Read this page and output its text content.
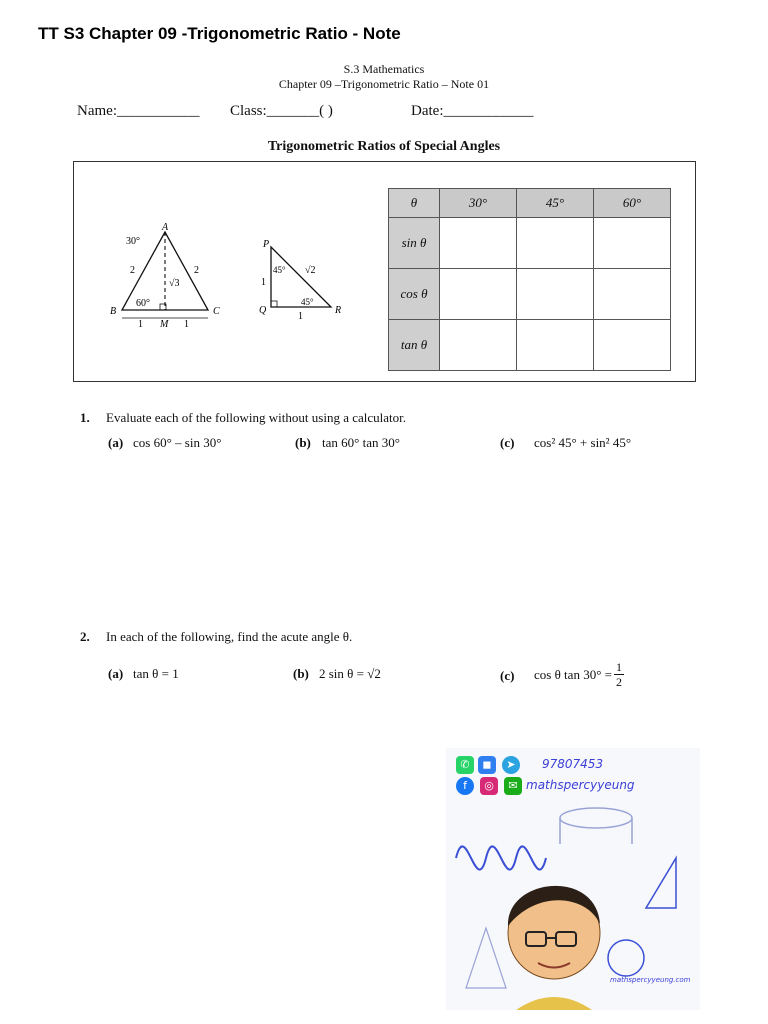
TT S3 Chapter 09 -Trigonometric Ratio - Note
S.3 Mathematics
Chapter 09 –Trigonometric Ratio – Note 01
Name:___________ Class:_______( )	Date:____________
Trigonometric Ratios of Special Angles
30°
60°
A
B	C
M
2	2
√3
1	1
P
Q	R
45°
45°
√2
1
1
θ	30°	45°	60°
sin θ			
cos θ			
tan θ			
1. Evaluate each of the following without using a calculator.
(a) cos 60° – sin 30°	(b) tan 60° tan 30°	(c) cos² 45° + sin² 45°
2. In each of the following, find the acute angle θ.
(a) tan θ = 1	(b) 2 sin θ = √2	(c) cos θ $\tan 30^\circ = \frac{1}{2}$
✆	◼	➤	97807453
f	◎	✉ mathspercyyeung
mathspercyyeung.com
